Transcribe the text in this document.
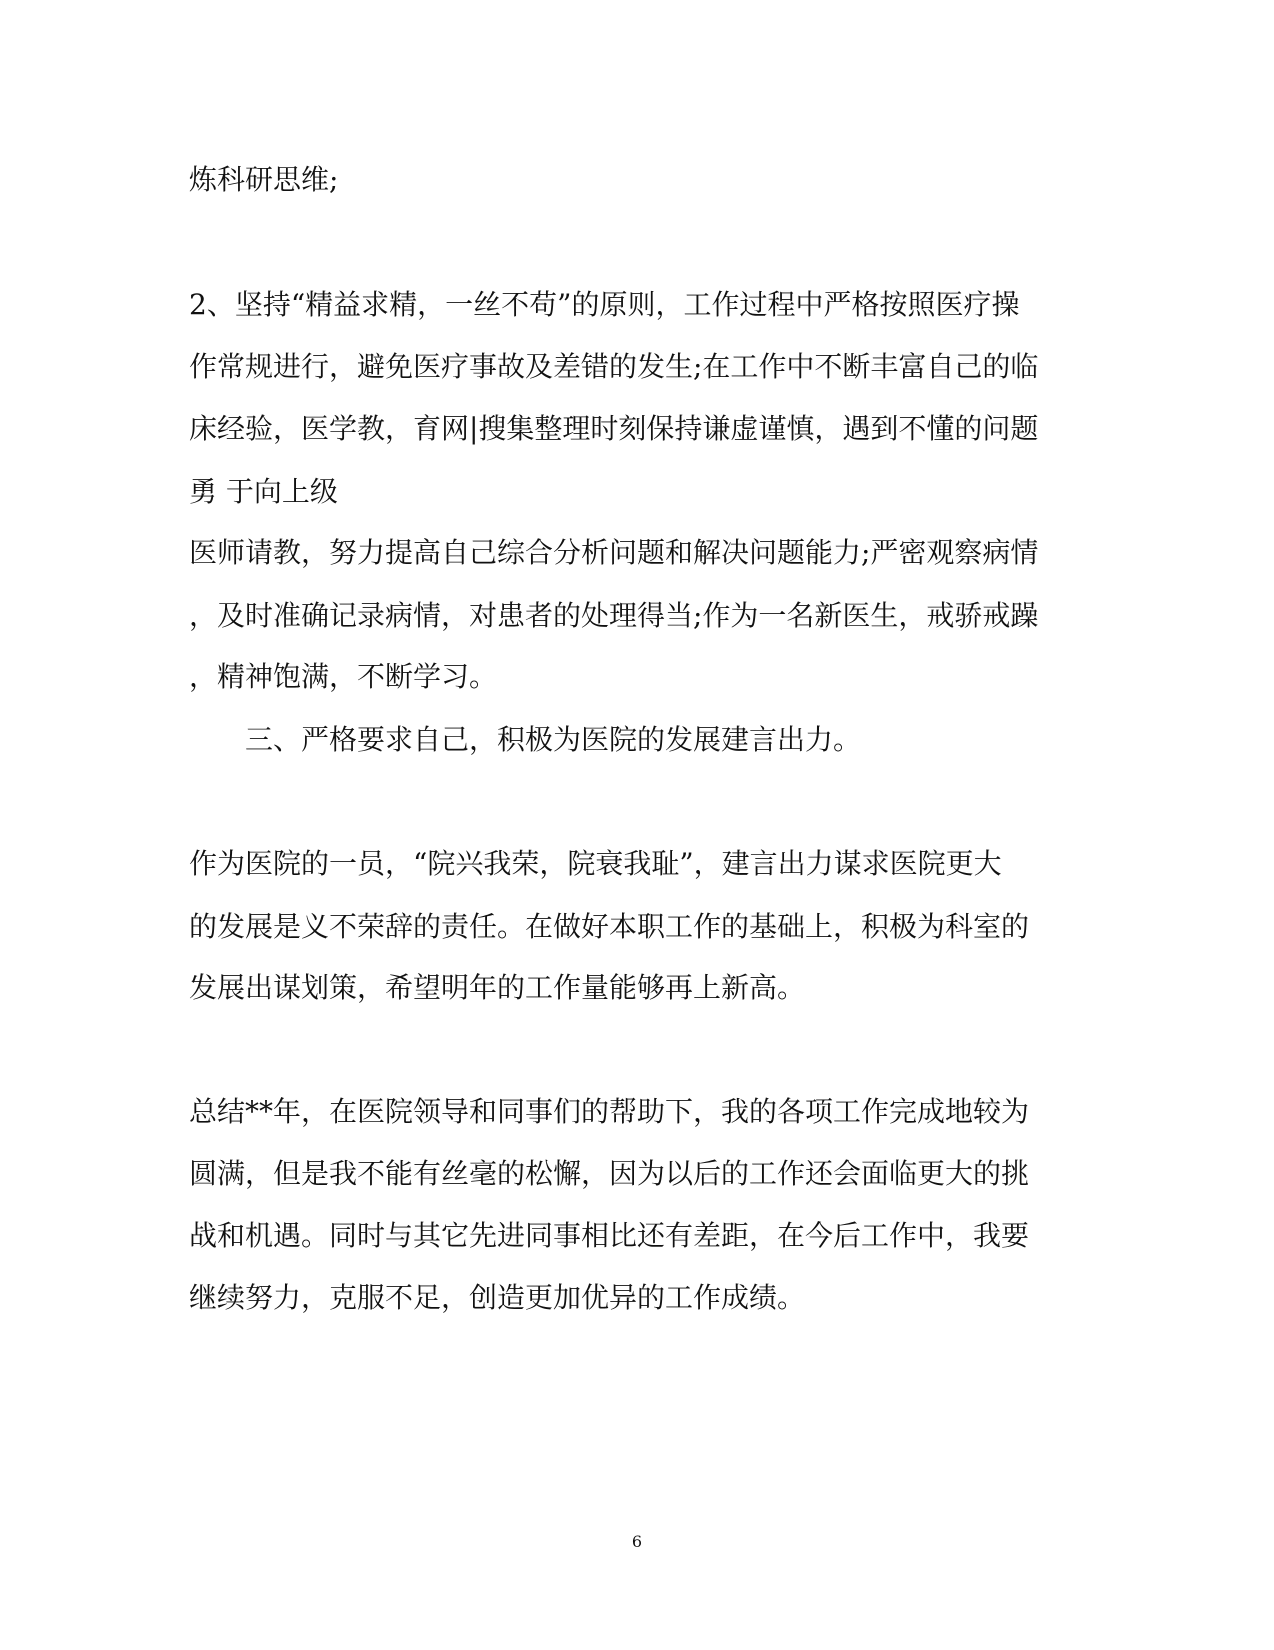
炼科研思维;
2、坚持“精益求精，一丝不苟”的原则，工作过程中严格按照医疗操
作常规进行，避免医疗事故及差错的发生;在工作中不断丰富自己的临
床经验，医学教，育网|搜集整理时刻保持谦虚谨慎，遇到不懂的问题
勇 于向上级
医师请教，努力提高自己综合分析问题和解决问题能力;严密观察病情
，及时准确记录病情，对患者的处理得当;作为一名新医生，戒骄戒躁
，精神饱满，不断学习。
三、严格要求自己，积极为医院的发展建言出力。
作为医院的一员，“院兴我荣，院衰我耻”，建言出力谋求医院更大
的发展是义不荣辞的责任。在做好本职工作的基础上，积极为科室的
发展出谋划策，希望明年的工作量能够再上新高。
总结**年，在医院领导和同事们的帮助下，我的各项工作完成地较为
圆满，但是我不能有丝毫的松懈，因为以后的工作还会面临更大的挑
战和机遇。同时与其它先进同事相比还有差距，在今后工作中，我要
继续努力，克服不足，创造更加优异的工作成绩。
6
